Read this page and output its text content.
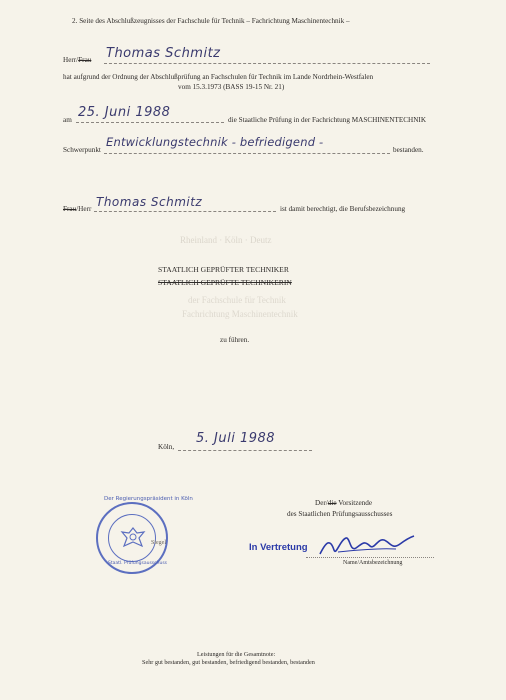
Rheinland · Köln · Deutz
der Fachschule für Technik
Fachrichtung Maschinentechnik
2. Seite des Abschlußzeugnisses der Fachschule für Technik – Fachrichtung Maschinentechnik –
Herr/Frau Thomas Schmitz
hat aufgrund der Ordnung der Abschlußprüfung an Fachschulen für Technik im Lande Nordrhein-Westfalen
vom 15.3.1973 (BASS 19-15 Nr. 21)
am 25. Juni 1988	die Staatliche Prüfung in der Fachrichtung MASCHINENTECHNIK
Schwerpunkt
Entwicklungstechnik - befriedigend -
bestanden.
Frau/Herr Thomas Schmitz	ist damit berechtigt, die Berufsbezeichnung
STAATLICH GEPRÜFTER TECHNIKER
STAATLICH GEPRÜFTE TECHNIKERIN
zu führen.
Köln,
5. Juli 1988
Der/die Vorsitzende
des Staatlichen Prüfungsausschusses
Der Regierungspräsident in Köln
Staatl. Prüfungsausschuss
Siegel	In Vertretung
Name/Amtsbezeichnung
Leistungen für die Gesamtnote:
Sehr gut bestanden, gut bestanden, befriedigend bestanden, bestanden
